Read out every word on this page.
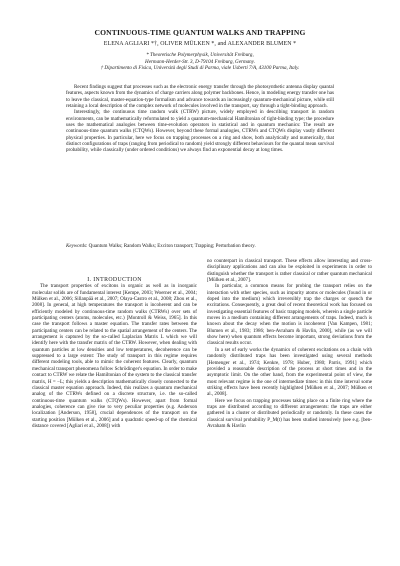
CONTINUOUS-TIME QUANTUM WALKS AND TRAPPING
ELENA AGLIARI *†, OLIVER MÜLKEN *, and ALEXANDER BLUMEN *
* Theoretische Polymerphysik, Universität Freiburg,
Hermann-Herder-Str. 3, D-79104 Freiburg, Germany.
† Dipartimento di Fisica, Università degli Studi di Parma, viale Usberti 7/A, 43100 Parma, Italy.

Recent findings suggest that processes such as the electronic energy transfer through the photosynthetic antenna display quantal features, aspects known from the dynamics of charge carriers along polymer backbones. Hence, in modeling energy transfer one has to leave the classical, master-equation-type formalism and advance towards an increasingly quantum-mechanical picture, while still retaining a local description of the complex network of molecules involved in the transport, say through a tight-binding approach.

Interestingly, the continuous time random walk (CTRW) picture, widely employed in describing transport in random environments, can be mathematically reformulated to yield a quantum-mechanical Hamiltonian of tight-binding type; the procedure uses the mathematical analogies between time-evolution operators in statistical and in quantum mechanics: The result are continuous-time quantum walks (CTQWs). However, beyond these formal analogies, CTRWs and CTQWs display vastly different physical properties. In particular, here we focus on trapping processes on a ring and show, both analytically and numerically, that distinct configurations of traps (ranging from periodical to random) yield strongly different behaviours for the quantal mean survival probability, while classically (under ordered conditions) we always find an exponential decay at long times.

Keywords: Quantum Walks; Random Walks; Exciton transport; Trapping; Perturbation theory.

I. INTRODUCTION

The transport properties of excitons in organic as well as in inorganic molecular solids are of fundamental interest [Kempe, 2003; Woerner et al., 2004; Mülken et al., 2006; Sillanpää et al., 2007; Olaya-Castro et al., 2008; Zhou et al., 2008]. In general, at high temperatures the transport is incoherent and can be efficiently modeled by continuous-time random walks (CTRWs) over sets of participating centers (atoms, molecules, etc.) [Montroll & Weiss, 1965]. In this case the transport follows a master equation. The transfer rates between the participating centers can be related to the spatial arrangement of the centers. The arrangement is captured by the so-called Laplacian Matrix L which we will identify here with the transfer matrix of the CTRW. However, when dealing with quantum particles at low densities and low temperatures, decoherence can be suppressed to a large extent: The study of transport in this regime requires different modeling tools, able to mimic the coherent features. Clearly, quantum mechanical transport phenomena follow Schrödinger's equation. In order to make contact to CTRW we relate the Hamiltonian of the system to the classical transfer matrix, H = −L; this yields a description mathematically closely connected to the classical master equation approach. Indeed, this realizes a quantum mechanical analog of the CTRWs defined on a discrete structure, i.e. the so-called continuous-time quantum walks (CTQWs). However, apart from formal analogies, coherence can give rise to very peculiar properties (e.g. Anderson localization [Anderson, 1958], crucial dependences of the transport on the starting position [Mülken et al., 2006] and a quadratic speed-up of the chemical distance covered [Agliari et al., 2008]) with

no counterpart in classical transport. These effects allow interesting and cross-disciplinary applications and can also be exploited in experiments in order to distinguish whether the transport is rather classical or rather quantum mechanical [Mülken et al., 2007].

In particular, a common means for probing the transport relies on the interaction with other species, such as impurity atoms or molecules (found in or doped into the medium) which irreversibly trap the charges or quench the excitations. Consequently, a great deal of recent theoretical work has focused on investigating essential features of basic trapping models, wherein a single particle moves in a medium containing different arrangements of traps. Indeed, much is known about the decay when the motion is incoherent [Van Kampen, 1981; Blumen et al., 1983; 1986; ben-Avraham & Havlin, 2000], while (as we will show here) when quantum effects become important, strong deviations from the classical results occur.

In a set of early works the dynamics of coherent excitations on a chain with randomly distributed traps has been investigated using several methods [Hemenger et al., 1974; Kenkre, 1978; Huber, 1980; Parris, 1991] which provided a reasonable description of the process at short times and in the asymptotic limit. On the other hand, from the experimental point of view, the most relevant regime is the one of intermediate times: in this time interval some striking effects have been recently highlighted [Mülken et al., 2007; Mülken et al., 2008].

Here we focus on trapping processes taking place on a finite ring where the traps are distributed according to different arrangements: the traps are either gathered in a cluster or distributed periodically or randomly. In these cases the classical survival probability P_M(t) has been studied intensively (see e.g. [ben-Avraham & Havlin
